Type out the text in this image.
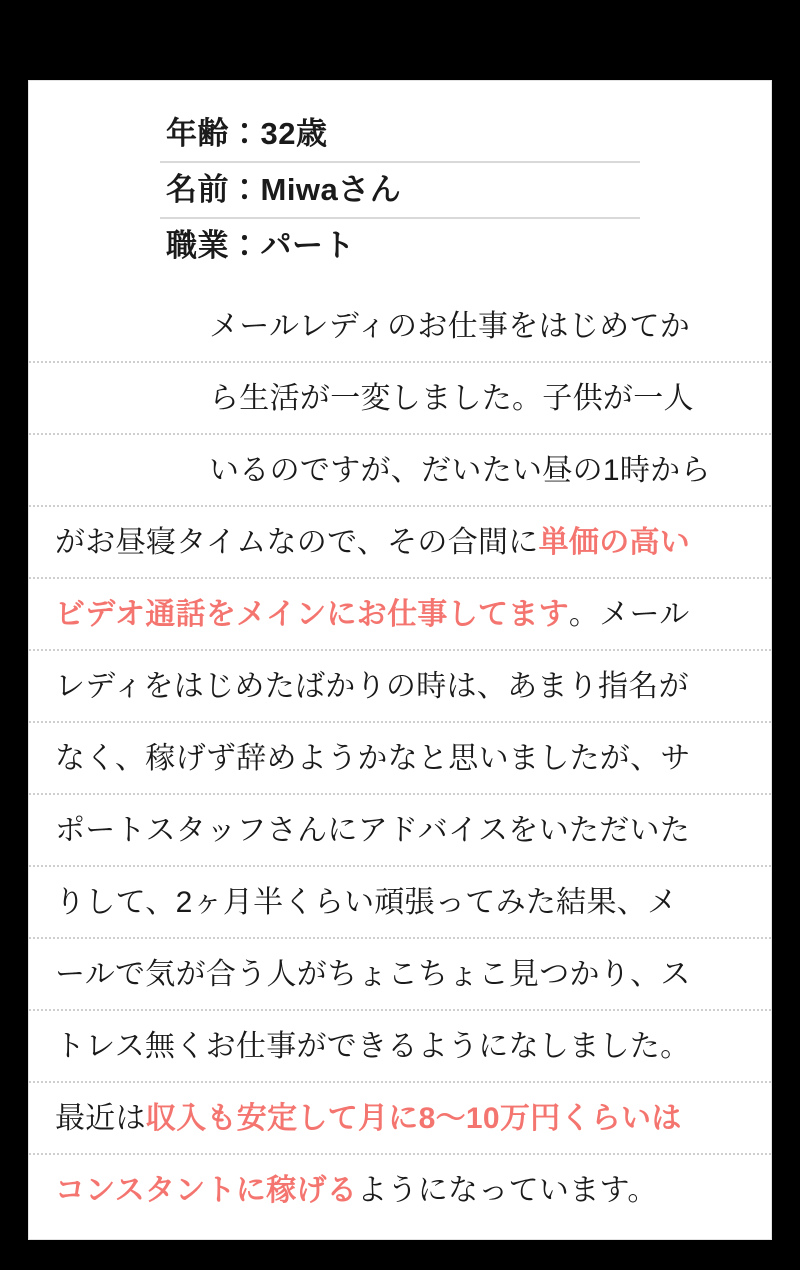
年齢：32歳
名前：Miwaさん
職業：パート
メールレディのお仕事をはじめてか
ら生活が一変しました。子供が一人
いるのですが、だいたい昼の1時から
がお昼寝タイムなので、その合間に単価の高い
ビデオ通話をメインにお仕事してます。メール
レディをはじめたばかりの時は、あまり指名が
なく、稼げず辞めようかなと思いましたが、サ
ポートスタッフさんにアドバイスをいただいた
りして、2ヶ月半くらい頑張ってみた結果、メ
ールで気が合う人がちょこちょこ見つかり、ス
トレス無くお仕事ができるようになしました。
最近は収入も安定して月に8〜10万円くらいは
コンスタントに稼げるようになっています。
